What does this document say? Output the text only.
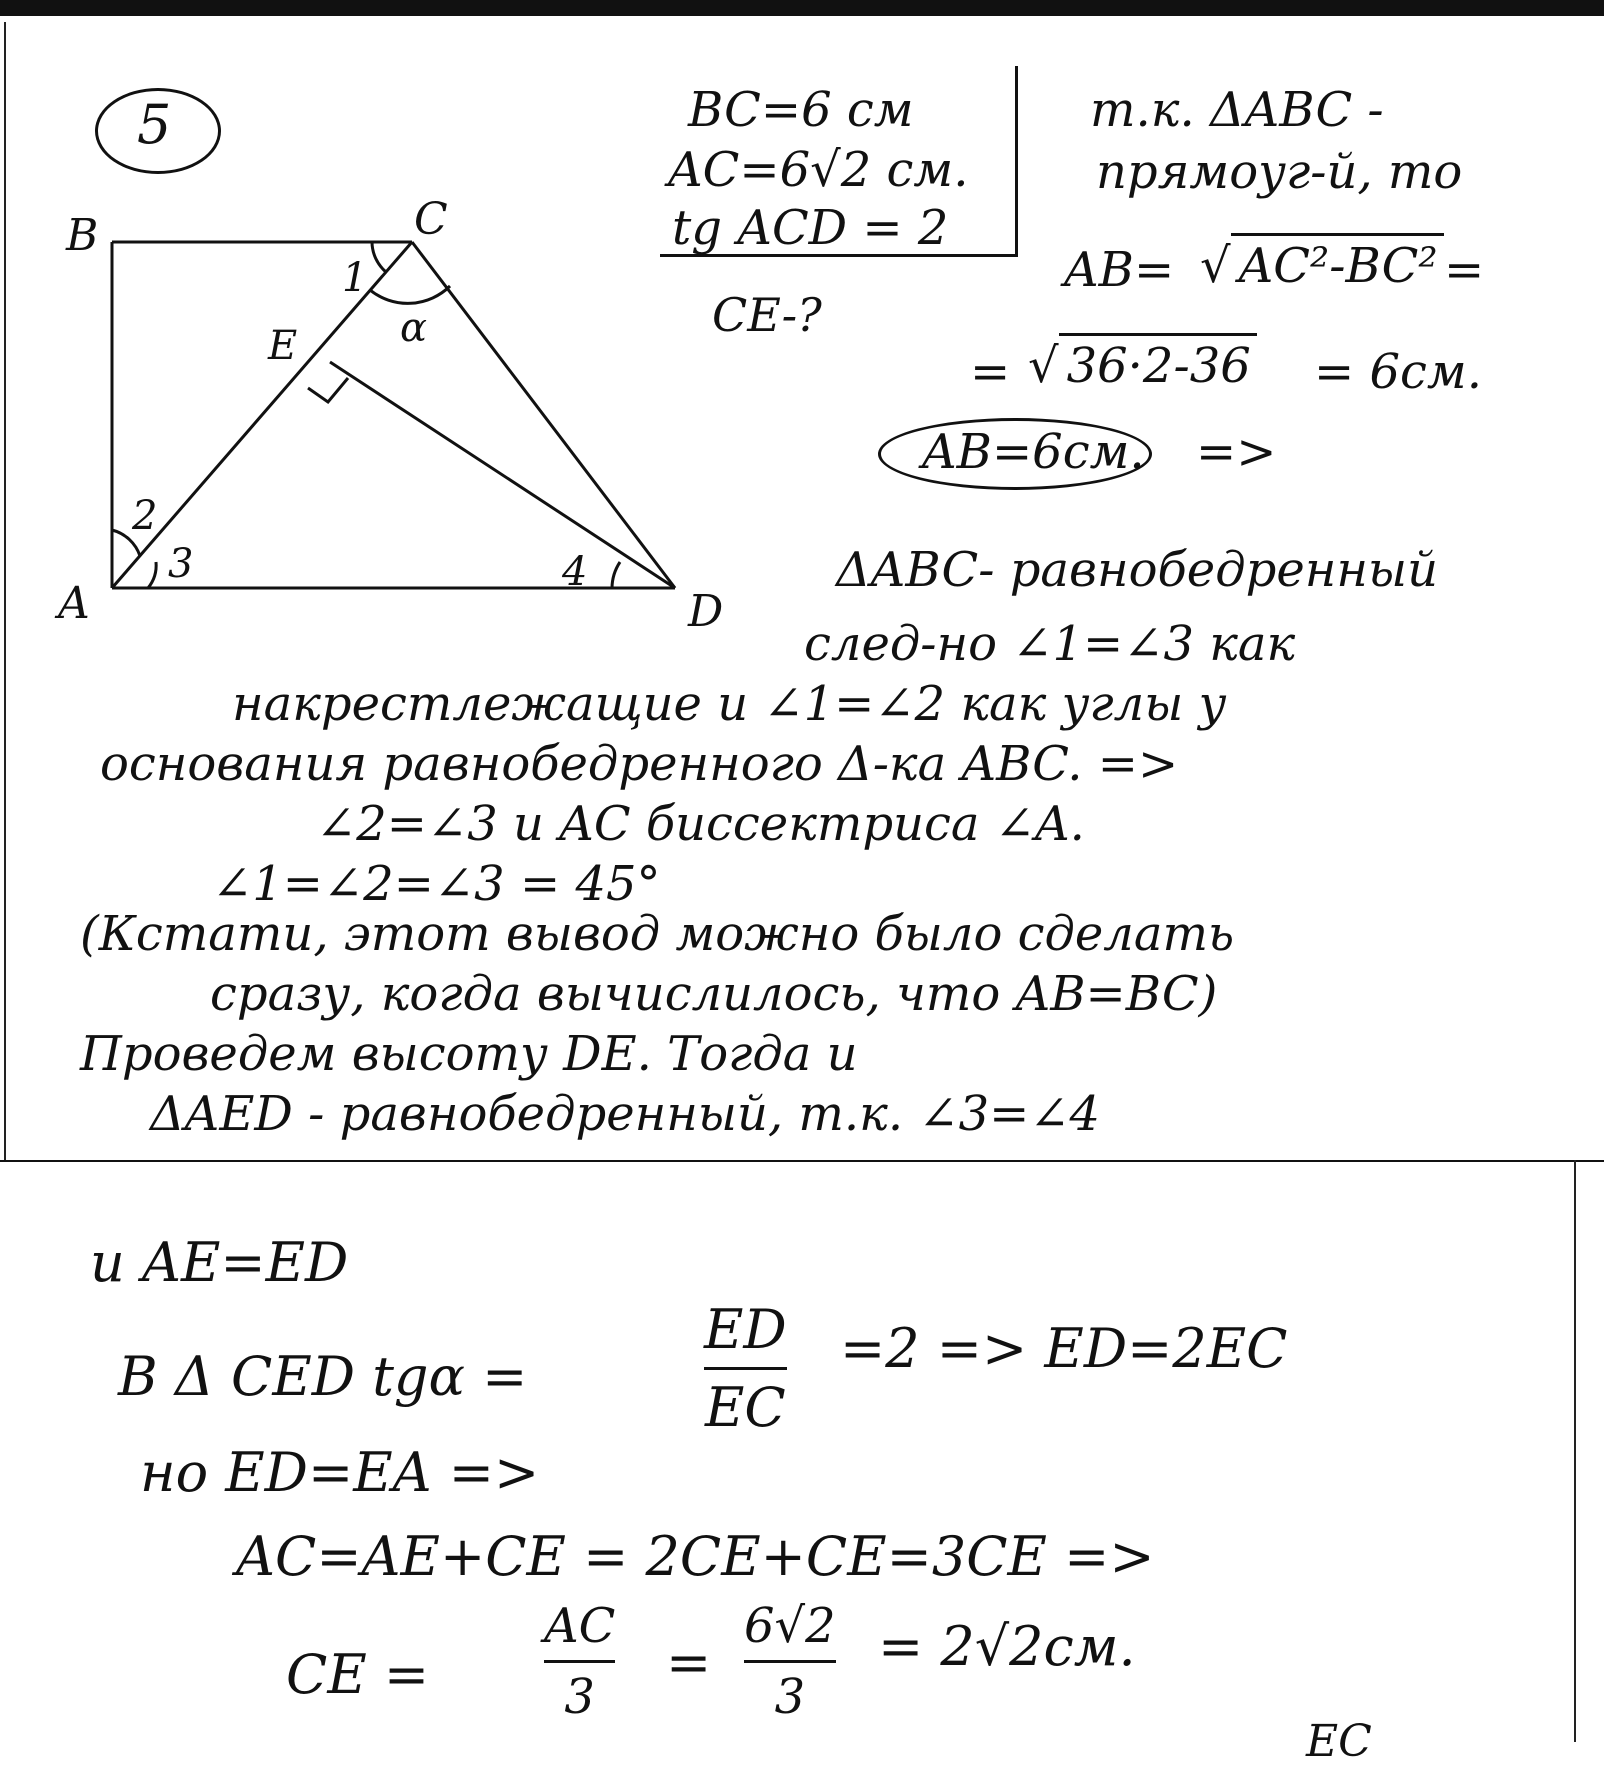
5
B	C
A	D
E
1
α
2
3	4
BC=6 см
AC=6√2 см.
tg ACD = 2
CE-?
т.к. ΔABC -
прямоуг-й, то
AB= √ AC²-BC² =
= √ 36·2-36 = 6см.
AB=6см. =>
ΔABC- равнобедренный
след-но ∠1=∠3 как
накрестлежащие и ∠1=∠2 как углы у
основания равнобедренного Δ-ка ABC. =>
∠2=∠3 и AC биссектриса ∠A.
∠1=∠2=∠3 = 45°
(Кстати, этот вывод можно было сделать
сразу, когда вычислилось, что AB=BC)
Проведем высоту DE. Тогда и
ΔAED - равнобедренный, т.к. ∠3=∠4
и AE=ED
В Δ CED tgα =
ED
EC
=2 => ED=2EC
но ED=EA =>
AC=AE+CE = 2CE+CE=3CE =>
CE =
AC
3
=
6√2
3
= 2√2см.
EC
